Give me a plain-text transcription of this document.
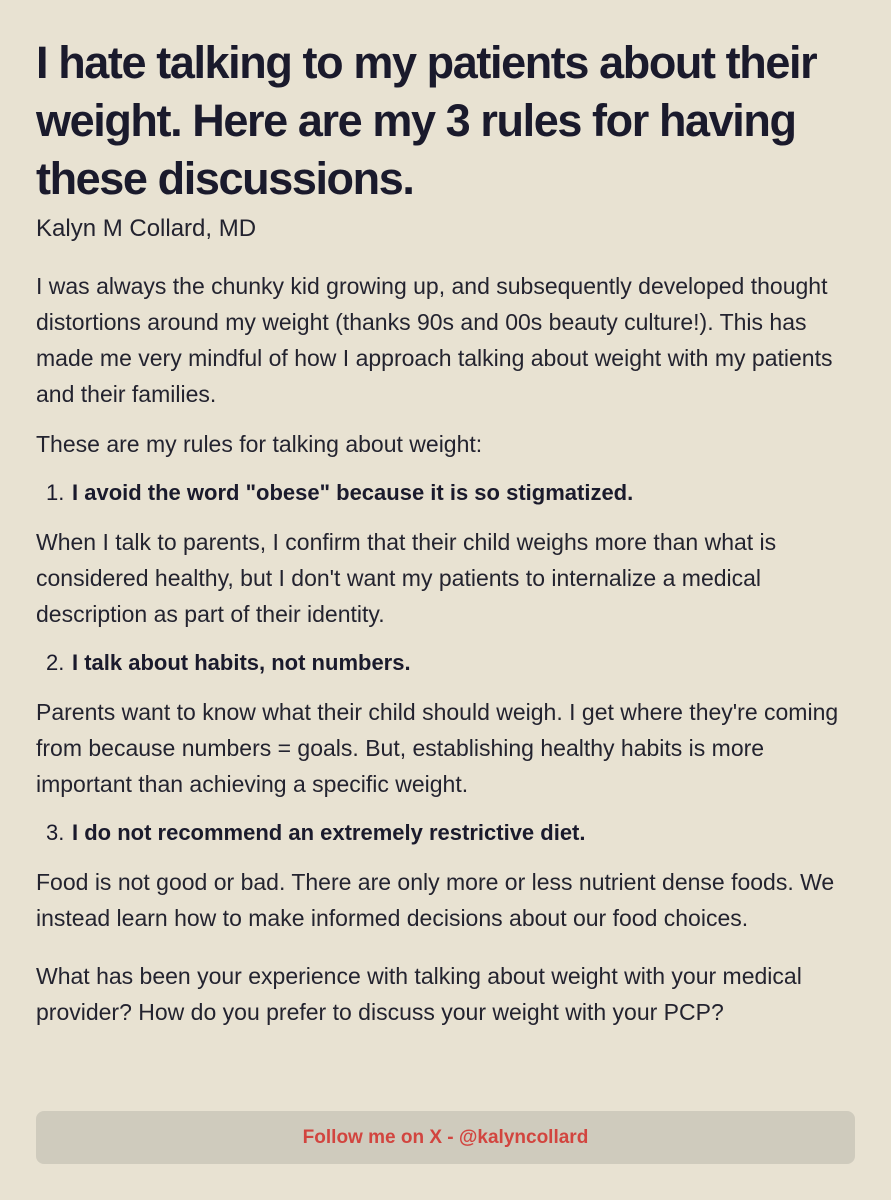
I hate talking to my patients about their weight. Here are my 3 rules for having these discussions.

Kalyn M Collard, MD

I was always the chunky kid growing up, and subsequently developed thought distortions around my weight (thanks 90s and 00s beauty culture!). This has made me very mindful of how I approach talking about weight with my patients and their families.

These are my rules for talking about weight:

1. I avoid the word "obese" because it is so stigmatized.

When I talk to parents, I confirm that their child weighs more than what is considered healthy, but I don't want my patients to internalize a medical description as part of their identity.

2. I talk about habits, not numbers.

Parents want to know what their child should weigh. I get where they're coming from because numbers = goals. But, establishing healthy habits is more important than achieving a specific weight.

3. I do not recommend an extremely restrictive diet.

Food is not good or bad. There are only more or less nutrient dense foods. We instead learn how to make informed decisions about our food choices.

What has been your experience with talking about weight with your medical provider? How do you prefer to discuss your weight with your PCP?

Follow me on X - @kalyncollard
